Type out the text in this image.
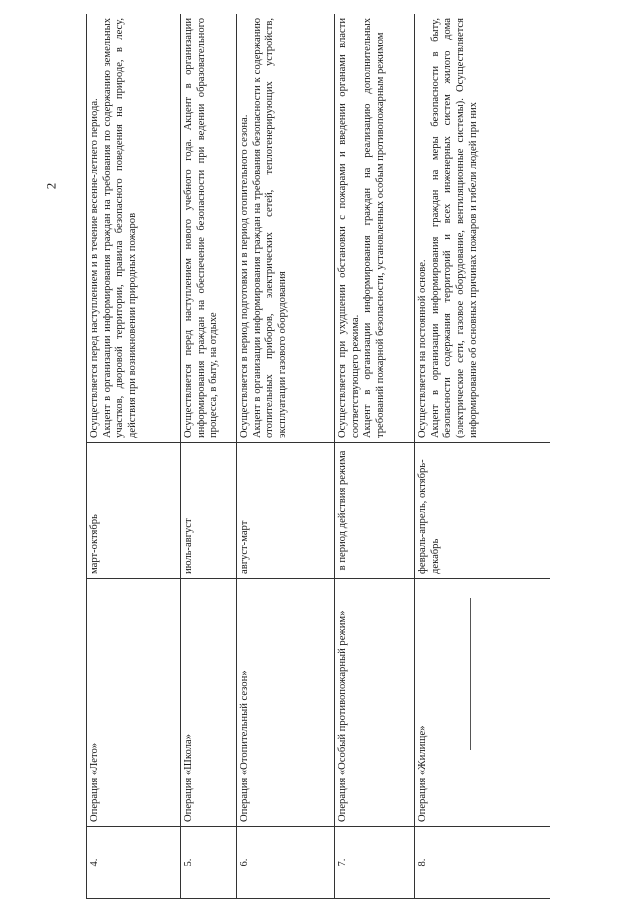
2
4.	Операция «Лето»	март-октябрь	Осуществляется перед наступлением и в течение весенне-летнего периода. Акцент в организации информирования граждан на требования по содержанию земельных участков, дворовой территории, правила безопасного поведения на природе, в лесу, действия при возникновении природных пожаров

5.	Операция «Школа»	июль-август	Осуществляется перед наступлением нового учебного года. Акцент в организации информирования граждан на обеспечение безопасности при ведении образовательного процесса, в быту, на отдыхе

6.	Операция «Отопительный сезон»	август-март	Осуществляется в период подготовки и в период отопительного сезона. Акцент в организации информирования граждан на требования безопасности к содержанию отопительных приборов, электрических сетей, теплогенерирующих устройств, эксплуатации газового оборудования

7.	Операция «Особый противопожарный режим»	в период действия режима	Осуществляется при ухудшении обстановки с пожарами и введении органами власти соответствующего режима. Акцент в организации информирования граждан на реализацию дополнительных требований пожарной безопасности, установленных особым противопожарным режимом

8.	Операция «Жилище»	февраль-апрель, октябрь-декабрь	Осуществляется на постоянной основе. Акцент в организации информирования граждан на меры безопасности в быту, безопасности содержания территорий и всех инженерных систем жилого дома (электрические сети, газовое оборудование, вентиляционные системы). Осуществляется информирование об основных причинах пожаров и гибели людей при них
